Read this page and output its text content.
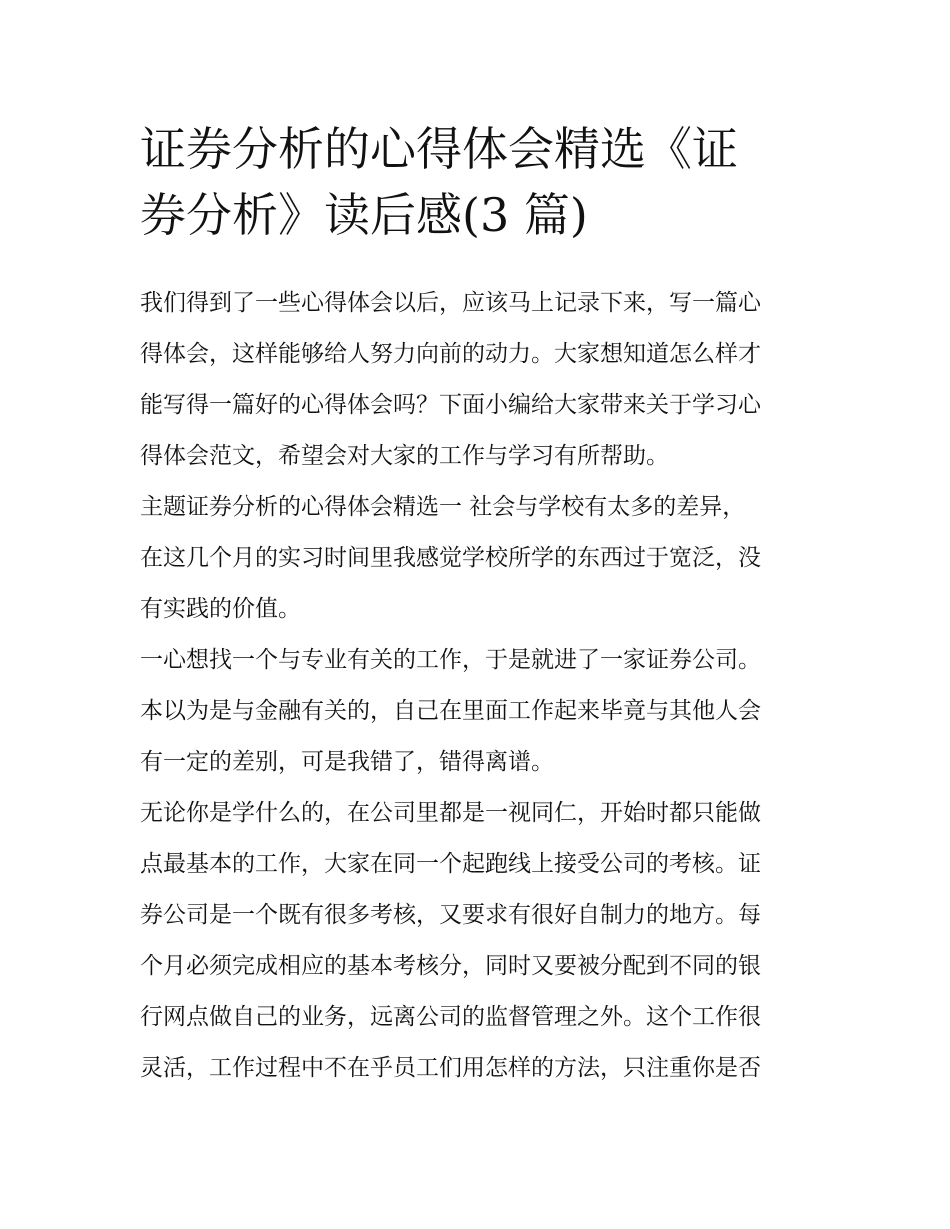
证券分析的心得体会精选《证
券分析》读后感(3 篇)
我们得到了一些心得体会以后，应该马上记录下来，写一篇心
得体会，这样能够给人努力向前的动力。大家想知道怎么样才
能写得一篇好的心得体会吗？下面小编给大家带来关于学习心
得体会范文，希望会对大家的工作与学习有所帮助。
主题证券分析的心得体会精选一 社会与学校有太多的差异，
在这几个月的实习时间里我感觉学校所学的东西过于宽泛，没
有实践的价值。
一心想找一个与专业有关的工作，于是就进了一家证券公司。
本以为是与金融有关的，自己在里面工作起来毕竟与其他人会
有一定的差别，可是我错了，错得离谱。
无论你是学什么的，在公司里都是一视同仁，开始时都只能做
点最基本的工作，大家在同一个起跑线上接受公司的考核。证
券公司是一个既有很多考核，又要求有很好自制力的地方。每
个月必须完成相应的基本考核分，同时又要被分配到不同的银
行网点做自己的业务，远离公司的监督管理之外。这个工作很
灵活，工作过程中不在乎员工们用怎样的方法，只注重你是否
